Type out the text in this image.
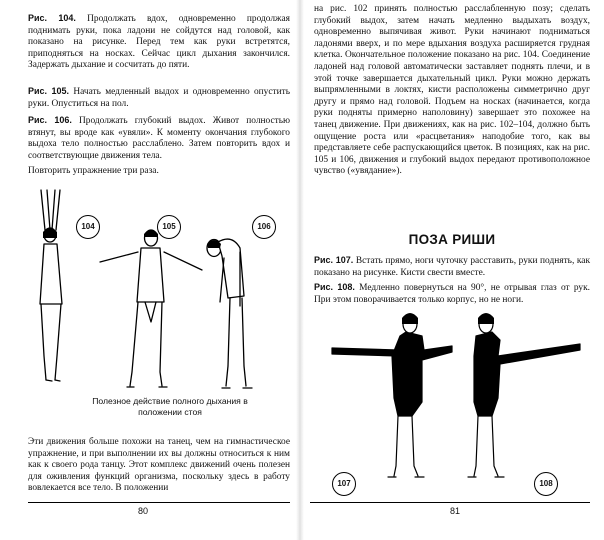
Рис. 104. Продолжать вдох, одновременно продолжая поднимать руки, пока ладони не сойдутся над головой, как показано на рисунке. Перед тем как руки встретятся, приподняться на носках. Сейчас цикл дыхания закончился. Задержать дыхание и сосчитать до пяти.

Рис. 105. Начать медленный выдох и одновременно опустить руки. Опуститься на пол.

Рис. 106. Продолжать глубокий выдох. Живот полностью втянут, вы вроде как «увяли». К моменту окончания глубокого выдоха тело полностью расслаблено. Затем повторить вдох и соответствующие движения тела.

Повторить упражнение три раза.

104	105	106

Полезное действие полного дыхания в положении стоя

Эти движения больше похожи на танец, чем на гимнастическое упражнение, и при выполнении их вы должны относиться к ним как к своего рода танцу. Этот комплекс движений очень полезен для оживления функций организма, поскольку здесь в работу вовлекается все тело. В положении

80

на рис. 102 принять полностью расслабленную позу; сделать глубокий выдох, затем начать медленно выдыхать воздух, одновременно выпячивая живот. Руки начинают подниматься ладонями вверх, и по мере вдыхания воздуха расширяется грудная клетка. Окончательное положение показано на рис. 104. Соединение ладоней над головой автоматически заставляет поднять плечи, и в этой точке завершается дыхательный цикл. Руки можно держать выпрямленными в локтях, кисти расположены симметрично друг другу и прямо над головой. Подъем на носках (начинается, когда руки подняты примерно наполовину) завершает это похожее на танец движение. При движениях, как на рис. 102–104, должно быть ощущение роста или «расцветания» наподобие того, как вы представляете себе распускающийся цветок. В позициях, как на рис. 105 и 106, движения и глубокий выдох передают противоположное чувство («увядание»).

ПОЗА РИШИ

Рис. 107. Встать прямо, ноги чуточку расставить, руки поднять, как показано на рисунке. Кисти свести вместе.

Рис. 108. Медленно повернуться на 90°, не отрывая глаз от рук. При этом поворачивается только корпус, но не ноги.

107	108
81
